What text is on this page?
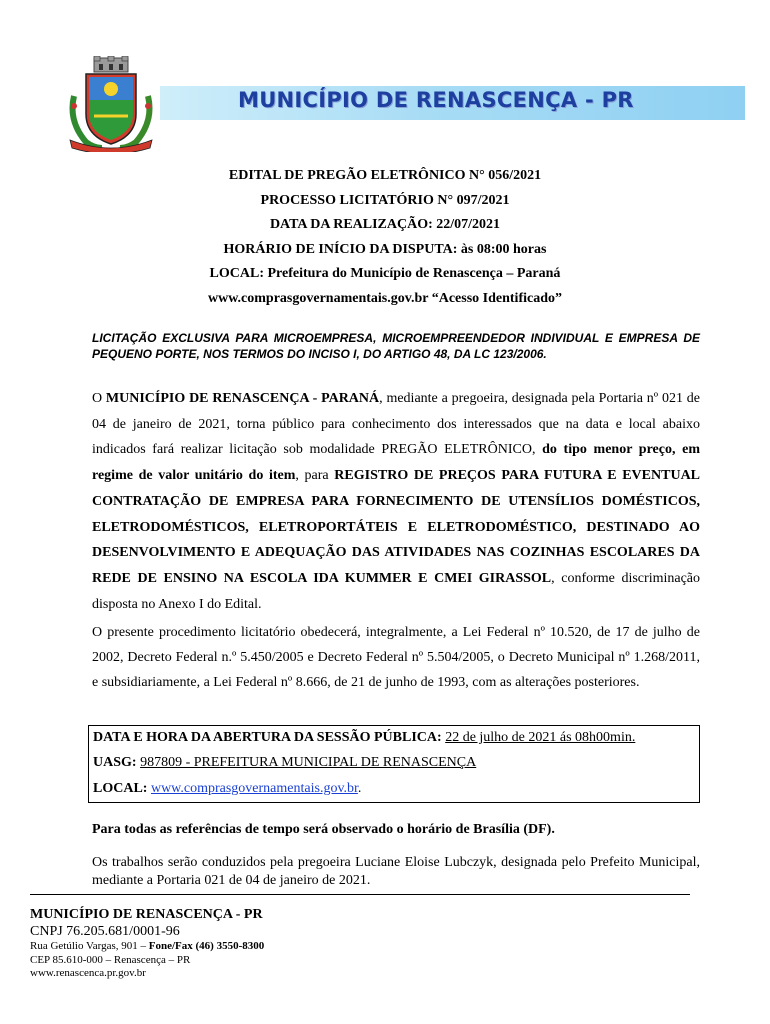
MUNICÍPIO DE RENASCENÇA - PR
EDITAL DE PREGÃO ELETRÔNICO N° 056/2021
PROCESSO LICITATÓRIO N° 097/2021
DATA DA REALIZAÇÃO: 22/07/2021
HORÁRIO DE INÍCIO DA DISPUTA: às 08:00 horas
LOCAL: Prefeitura do Município de Renascença – Paraná
www.comprasgovernamentais.gov.br “Acesso Identificado”
LICITAÇÃO EXCLUSIVA PARA MICROEMPRESA, MICROEMPREENDEDOR INDIVIDUAL E EMPRESA DE PEQUENO PORTE, NOS TERMOS DO INCISO I, DO ARTIGO 48, DA LC 123/2006.
O MUNICÍPIO DE RENASCENÇA - PARANÁ, mediante a pregoeira, designada pela Portaria nº 021 de 04 de janeiro de 2021, torna público para conhecimento dos interessados que na data e local abaixo indicados fará realizar licitação sob modalidade PREGÃO ELETRÔNICO, do tipo menor preço, em regime de valor unitário do item, para REGISTRO DE PREÇOS PARA FUTURA E EVENTUAL CONTRATAÇÃO DE EMPRESA PARA FORNECIMENTO DE UTENSÍLIOS DOMÉSTICOS, ELETRODOMÉSTICOS, ELETROPORTÁTEIS E ELETRODOMÉSTICO, DESTINADO AO DESENVOLVIMENTO E ADEQUAÇÃO DAS ATIVIDADES NAS COZINHAS ESCOLARES DA REDE DE ENSINO NA ESCOLA IDA KUMMER E CMEI GIRASSOL, conforme discriminação disposta no Anexo I do Edital.
O presente procedimento licitatório obedecerá, integralmente, a Lei Federal nº 10.520, de 17 de julho de 2002, Decreto Federal n.º 5.450/2005 e Decreto Federal nº 5.504/2005, o Decreto Municipal nº 1.268/2011, e subsidiariamente, a Lei Federal nº 8.666, de 21 de junho de 1993, com as alterações posteriores.
DATA E HORA DA ABERTURA DA SESSÃO PÚBLICA: 22 de julho de 2021 ás 08h00min.
UASG: 987809 - PREFEITURA MUNICIPAL DE RENASCENÇA
LOCAL: www.comprasgovernamentais.gov.br.
Para todas as referências de tempo será observado o horário de Brasília (DF).
Os trabalhos serão conduzidos pela pregoeira Luciane Eloise Lubczyk, designada pelo Prefeito Municipal, mediante a Portaria 021 de 04 de janeiro de 2021.
MUNICÍPIO DE RENASCENÇA - PR
CNPJ 76.205.681/0001-96
Rua Getúlio Vargas, 901 – Fone/Fax (46) 3550-8300
CEP 85.610-000 – Renascença – PR
www.renascenca.pr.gov.br
